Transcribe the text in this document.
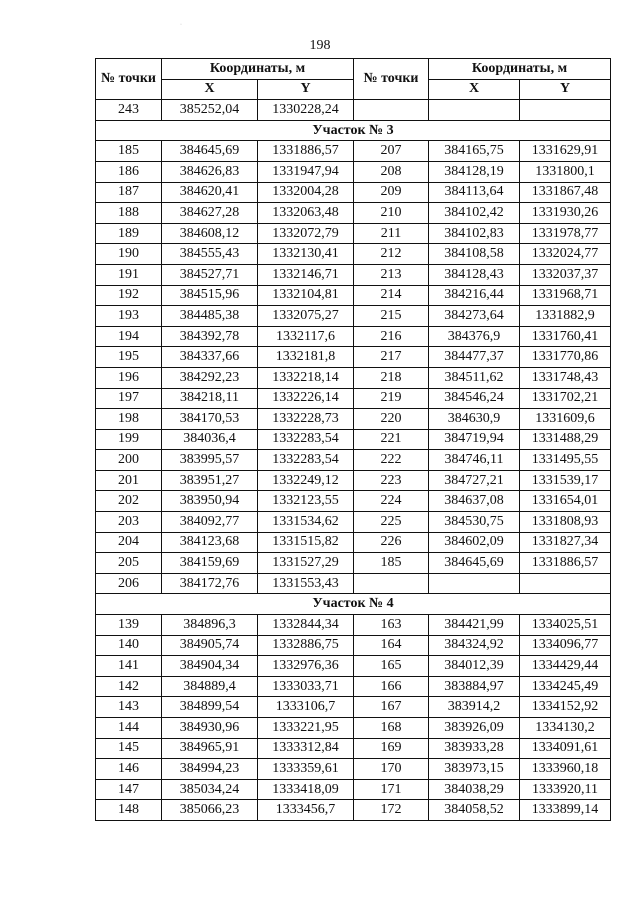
198
№ точки	Координаты, м		№ точки	Координаты, м	
	X	Y		X	Y
243	385252,04	1330228,24			
Участок № 3					
185	384645,69	1331886,57	207	384165,75	1331629,91
186	384626,83	1331947,94	208	384128,19	1331800,1
187	384620,41	1332004,28	209	384113,64	1331867,48
188	384627,28	1332063,48	210	384102,42	1331930,26
189	384608,12	1332072,79	211	384102,83	1331978,77
190	384555,43	1332130,41	212	384108,58	1332024,77
191	384527,71	1332146,71	213	384128,43	1332037,37
192	384515,96	1332104,81	214	384216,44	1331968,71
193	384485,38	1332075,27	215	384273,64	1331882,9
194	384392,78	1332117,6	216	384376,9	1331760,41
195	384337,66	1332181,8	217	384477,37	1331770,86
196	384292,23	1332218,14	218	384511,62	1331748,43
197	384218,11	1332226,14	219	384546,24	1331702,21
198	384170,53	1332228,73	220	384630,9	1331609,6
199	384036,4	1332283,54	221	384719,94	1331488,29
200	383995,57	1332283,54	222	384746,11	1331495,55
201	383951,27	1332249,12	223	384727,21	1331539,17
202	383950,94	1332123,55	224	384637,08	1331654,01
203	384092,77	1331534,62	225	384530,75	1331808,93
204	384123,68	1331515,82	226	384602,09	1331827,34
205	384159,69	1331527,29	185	384645,69	1331886,57
206	384172,76	1331553,43			
Участок № 4					
139	384896,3	1332844,34	163	384421,99	1334025,51
140	384905,74	1332886,75	164	384324,92	1334096,77
141	384904,34	1332976,36	165	384012,39	1334429,44
142	384889,4	1333033,71	166	383884,97	1334245,49
143	384899,54	1333106,7	167	383914,2	1334152,92
144	384930,96	1333221,95	168	383926,09	1334130,2
145	384965,91	1333312,84	169	383933,28	1334091,61
146	384994,23	1333359,61	170	383973,15	1333960,18
147	385034,24	1333418,09	171	384038,29	1333920,11
148	385066,23	1333456,7	172	384058,52	1333899,14
·
